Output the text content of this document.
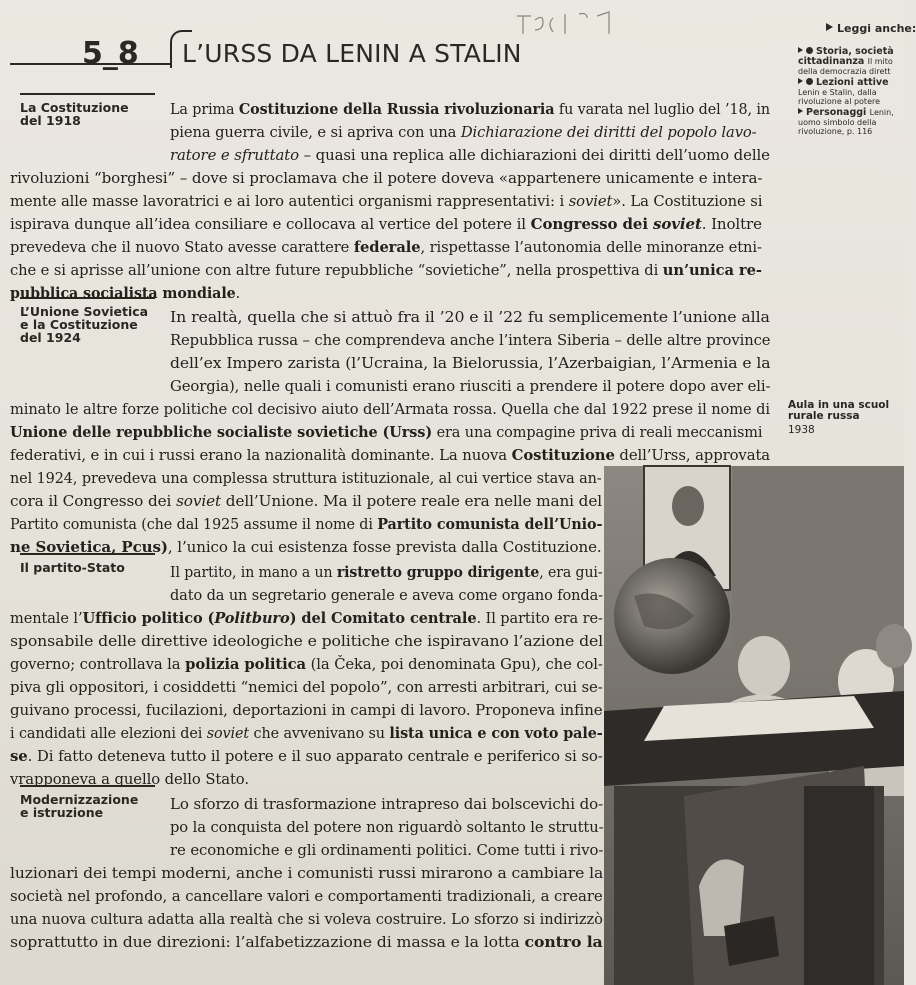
5_8 L’URSS DA LENIN A STALIN
Leggi anche:
Storia, società
cittadinanza Il mito
della democrazia dirett
Lezioni attive
Lenin e Stalin, dalla
rivoluzione al potere
Personaggi Lenin,
uomo simbolo della
rivoluzione, p. 116
La Costituzione
del 1918
L’Unione Sovietica
e la Costituzione
del 1924
Il partito-Stato
Modernizzazione
e istruzione
La prima Costituzione della Russia rivoluzionaria fu varata nel luglio del ’18, in
piena guerra civile, e si apriva con una Dichiarazione dei diritti del popolo lavo-
ratore e sfruttato – quasi una replica alle dichiarazioni dei diritti dell’uomo delle
rivoluzioni “borghesi” – dove si proclamava che il potere doveva «appartenere unicamente e intera-
mente alle masse lavoratrici e ai loro autentici organismi rappresentativi: i soviet». La Costituzione si
ispirava dunque all’idea consiliare e collocava al vertice del potere il Congresso dei soviet. Inoltre
prevedeva che il nuovo Stato avesse carattere federale, rispettasse l’autonomia delle minoranze etni-
che e si aprisse all’unione con altre future repubbliche “sovietiche”, nella prospettiva di un’unica re-
pubblica socialista mondiale.
In realtà, quella che si attuò fra il ’20 e il ’22 fu semplicemente l’unione alla
Repubblica russa – che comprendeva anche l’intera Siberia – delle altre province
dell’ex Impero zarista (l’Ucraina, la Bielorussia, l’Azerbaigian, l’Armenia e la
Georgia), nelle quali i comunisti erano riusciti a prendere il potere dopo aver eli-
minato le altre forze politiche col decisivo aiuto dell’Armata rossa. Quella che dal 1922 prese il nome di
Unione delle repubbliche socialiste sovietiche (Urss) era una compagine priva di reali meccanismi
federativi, e in cui i russi erano la nazionalità dominante. La nuova Costituzione dell’Urss, approvata
nel 1924, prevedeva una complessa struttura istituzionale, al cui vertice stava an-
cora il Congresso dei soviet dell’Unione. Ma il potere reale era nelle mani del
Partito comunista (che dal 1925 assume il nome di Partito comunista dell’Unio-
ne Sovietica, Pcus), l’unico la cui esistenza fosse prevista dalla Costituzione.
Il partito, in mano a un ristretto gruppo dirigente, era gui-
dato da un segretario generale e aveva come organo fonda-
mentale l’Ufficio politico (Politburo) del Comitato centrale. Il partito era re-
sponsabile delle direttive ideologiche e politiche che ispiravano l’azione del
governo; controllava la polizia politica (la Čeka, poi denominata Gpu), che col-
piva gli oppositori, i cosiddetti “nemici del popolo”, con arresti arbitrari, cui se-
guivano processi, fucilazioni, deportazioni in campi di lavoro. Proponeva infine
i candidati alle elezioni dei soviet che avvenivano su lista unica e con voto pale-
se. Di fatto deteneva tutto il potere e il suo apparato centrale e periferico si so-
vrapponeva a quello dello Stato.
Lo sforzo di trasformazione intrapreso dai bolscevichi do-
po la conquista del potere non riguardò soltanto le struttu-
re economiche e gli ordinamenti politici. Come tutti i rivo-
luzionari dei tempi moderni, anche i comunisti russi mirarono a cambiare la
società nel profondo, a cancellare valori e comportamenti tradizionali, a creare
una nuova cultura adatta alla realtà che si voleva costruire. Lo sforzo si indirizzò
soprattutto in due direzioni: l’alfabetizzazione di massa e la lotta contro la
Aula in una scuol
rurale russa
1938
